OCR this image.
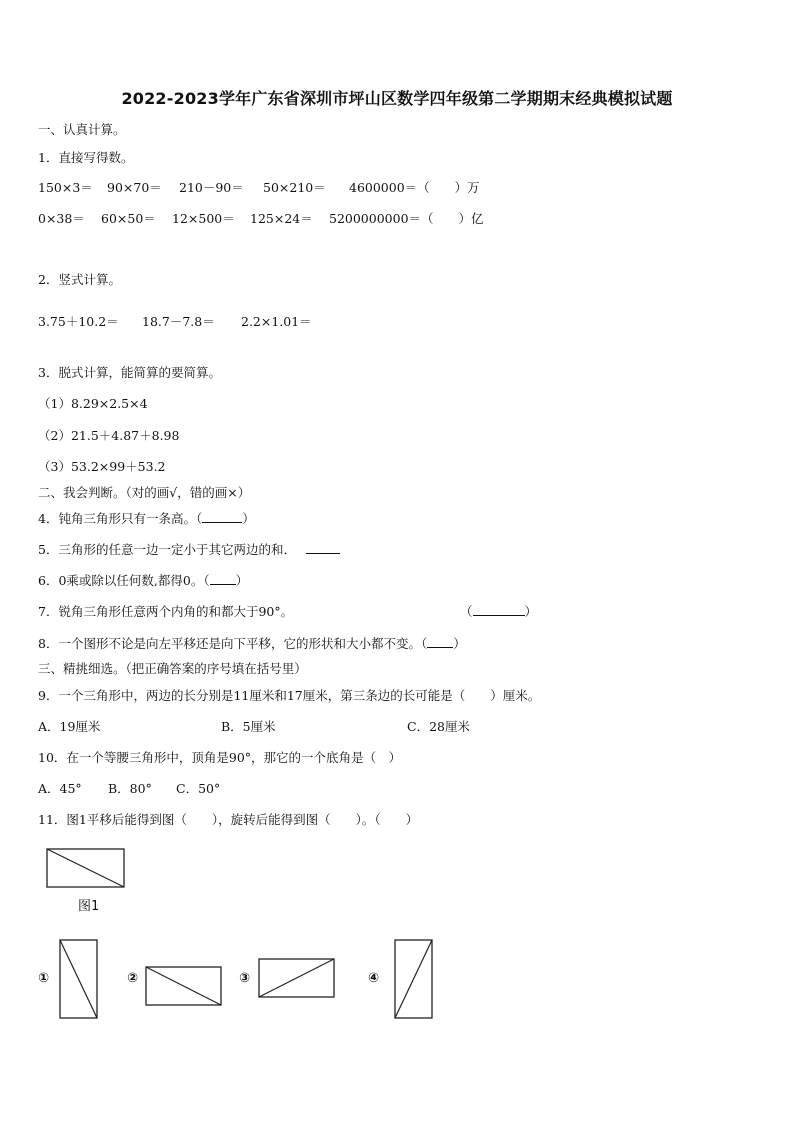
2022-2023学年广东省深圳市坪山区数学四年级第二学期期末经典模拟试题
一、认真计算。
1．直接写得数。
150×3＝ 90×70＝ 210－90＝ 50×210＝ 4600000＝（　　）万
0×38＝ 60×50＝ 12×500＝ 125×24＝ 5200000000＝（　　）亿
2．竖式计算。
3.75＋10.2＝ 18.7－7.8＝ 2.2×1.01＝
3．脱式计算，能简算的要简算。
（1）8.29×2.5×4
（2）21.5＋4.87＋8.98
（3）53.2×99＋53.2
二、我会判断。（对的画√，错的画×）
4．钝角三角形只有一条高。（	）
5．三角形的任意一边一定小于其它两边的和．
6．0乘或除以任何数,都得0。（ ）
7．锐角三角形任意两个内角的和都大于90°。	（	）
8．一个图形不论是向左平移还是向下平移，它的形状和大小都不变。（ ）
三、精挑细选。（把正确答案的序号填在括号里）
9．一个三角形中，两边的长分别是11厘米和17厘米，第三条边的长可能是（　　）厘米。
A．19厘米	B．5厘米	C．28厘米
10．在一个等腰三角形中，顶角是90°，那它的一个底角是（　）
A．45° B．80° C．50°
11．图1平移后能得到图（　　），旋转后能得到图（　　）。（　　）
图1
①	②	③	④
